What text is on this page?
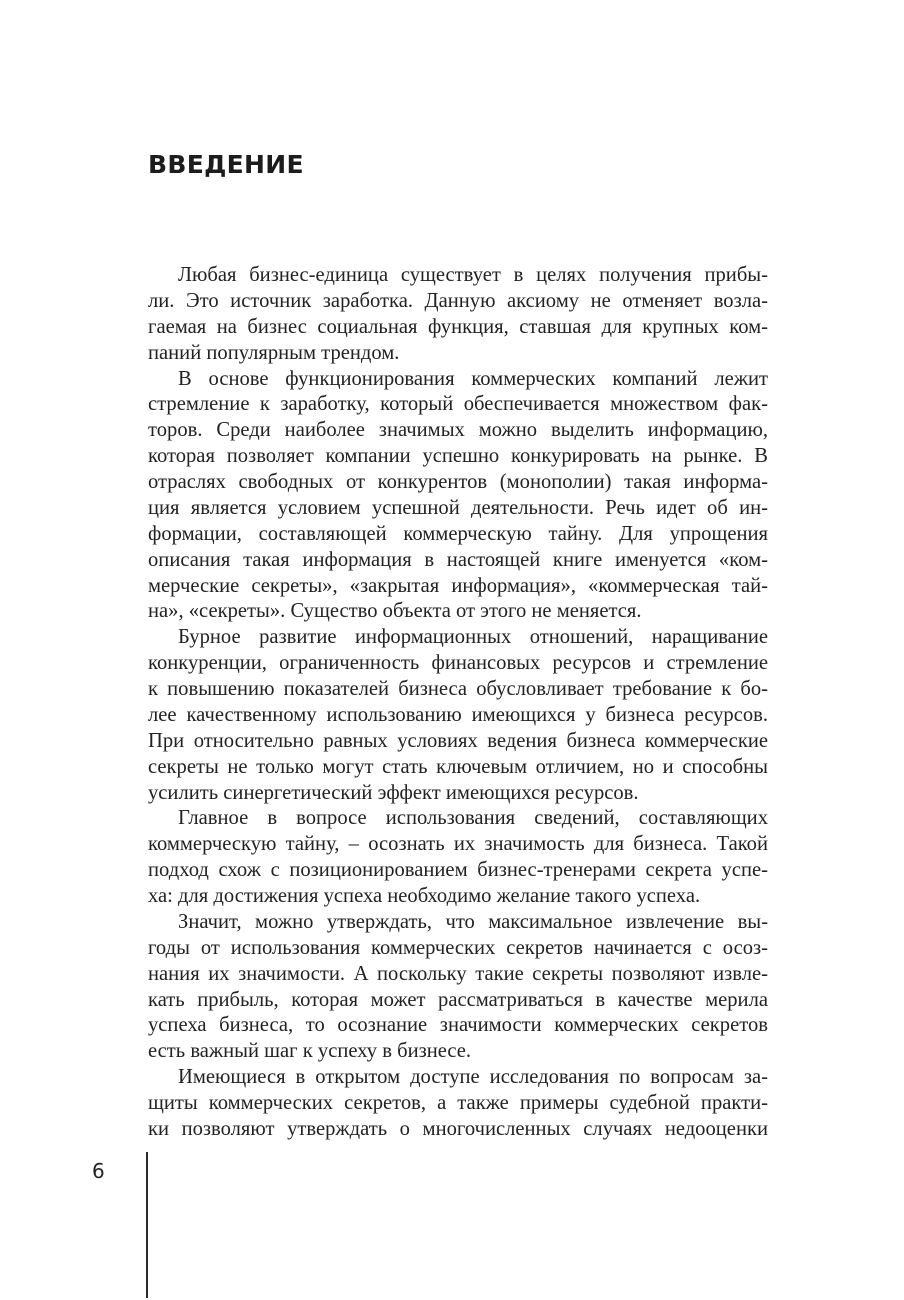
ВВЕДЕНИЕ
Любая бизнес-единица существует в целях получения прибы-
ли. Это источник заработка. Данную аксиому не отменяет возла-
гаемая на бизнес социальная функция, ставшая для крупных ком-
паний популярным трендом.
В основе функционирования коммерческих компаний лежит
стремление к заработку, который обеспечивается множеством фак-
торов. Среди наиболее значимых можно выделить информацию,
которая позволяет компании успешно конкурировать на рынке. В
отраслях свободных от конкурентов (монополии) такая информа-
ция является условием успешной деятельности. Речь идет об ин-
формации, составляющей коммерческую тайну. Для упрощения
описания такая информация в настоящей книге именуется «ком-
мерческие секреты», «закрытая информация», «коммерческая тай-
на», «секреты». Существо объекта от этого не меняется.
Бурное развитие информационных отношений, наращивание
конкуренции, ограниченность финансовых ресурсов и стремление
к повышению показателей бизнеса обусловливает требование к бо-
лее качественному использованию имеющихся у бизнеса ресурсов.
При относительно равных условиях ведения бизнеса коммерческие
секреты не только могут стать ключевым отличием, но и способны
усилить синергетический эффект имеющихся ресурсов.
Главное в вопросе использования сведений, составляющих
коммерческую тайну, – осознать их значимость для бизнеса. Такой
подход схож с позиционированием бизнес-тренерами секрета успе-
ха: для достижения успеха необходимо желание такого успеха.
Значит, можно утверждать, что максимальное извлечение вы-
годы от использования коммерческих секретов начинается с осоз-
нания их значимости. А поскольку такие секреты позволяют извле-
кать прибыль, которая может рассматриваться в качестве мерила
успеха бизнеса, то осознание значимости коммерческих секретов
есть важный шаг к успеху в бизнесе.
Имеющиеся в открытом доступе исследования по вопросам за-
щиты коммерческих секретов, а также примеры судебной практи-
ки позволяют утверждать о многочисленных случаях недооценки
6
